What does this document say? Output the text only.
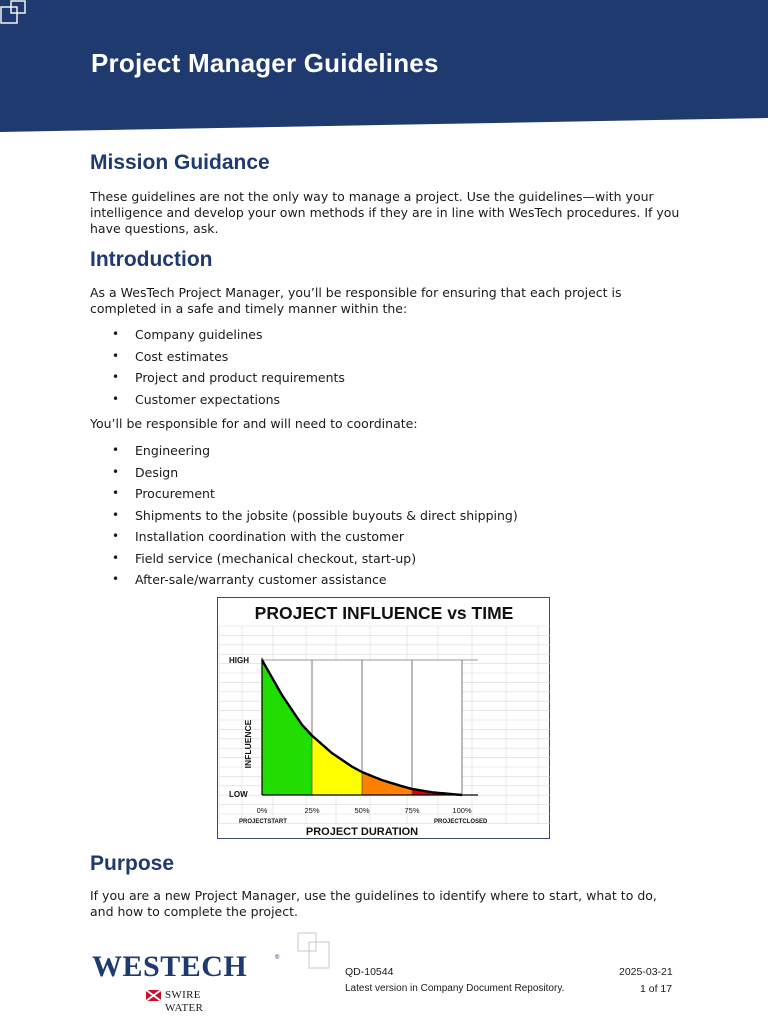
Project Manager Guidelines
Mission Guidance

These guidelines are not the only way to manage a project. Use the guidelines—with your intelligence and develop your own methods if they are in line with WesTech procedures. If you have questions, ask.

Introduction

As a WesTech Project Manager, you’ll be responsible for ensuring that each project is completed in a safe and timely manner within the:

• Company guidelines
• Cost estimates
• Project and product requirements
• Customer expectations

You’ll be responsible for and will need to coordinate:

• Engineering
• Design
• Procurement
• Shipments to the jobsite (possible buyouts & direct shipping)
• Installation coordination with the customer
• Field service (mechanical checkout, start-up)
• After-sale/warranty customer assistance
PROJECT INFLUENCE vs TIME
HIGH
LOW
INFLUENCE
0%	25%	50%	75%	100%
PROJECTSTART	PROJECTCLOSED
PROJECT DURATION
Purpose

If you are a new Project Manager, use the guidelines to identify where to start, what to do, and how to complete the project.

WESTECH	®
SWIRE WATER
QD-10544
Latest version in Company Document Repository.
2025-03-21
1 of 17
